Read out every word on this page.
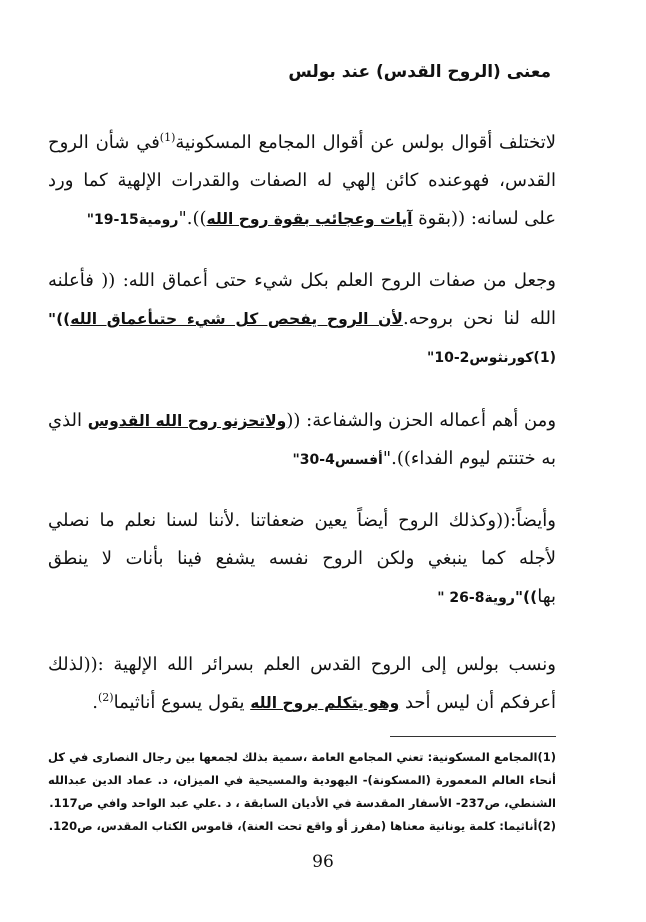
معنى (الروح القدس) عند بولس
لاتختلف أقوال بولس عن أقوال المجامع المسكونية$^{(1)}$في شأن الروح القدس، فهوعنده كائن إلهي له الصفات والقدرات الإلهية كما ورد على لسانه: ((بقوة آيات وعجائب بقوة روح الله))."رومية15-19"
وجعل من صفات الروح العلم بكل شيء حتى أعماق الله: (( فأعلنه الله لنا نحن بروحه.لأن الروح يفحص كل شيء حتىأعماق الله))"(1)كورنثوس2-10"
ومن أهم أعماله الحزن والشفاعة: ((ولاتحزنو روح الله القدوس الذي به ختنتم ليوم الفداء))."أفسس4-30"
وأيضاً:((وكذلك الروح أيضاً يعين ضعفاتنا .لأننا لسنا نعلم ما نصلي لأجله كما ينبغي ولكن الروح نفسه يشفع فينا بأنات لا ينطق بها))"روية8-26 "
ونسب بولس إلى الروح القدس العلم بسرائر الله الإلهية :((لذلك أعرفكم أن ليس أحد وهو يتكلم بروح الله يقول يسوع أناثيما$^{(2)}$.
(1)المجامع المسكونية: تعني المجامع العامة ،سمية بذلك لجمعها بين رجال النصارى في كل أنحاء العالم المعمورة (المسكونة)- اليهودية والمسيحية في الميزان، د. عماد الدين عبدالله الشنطي، ص237- الأسفار المقدسة في الأديان السابقة ، د .علي عبد الواحد وافي ص117.
(2)أناثيما: كلمة يونانية معناها (مفرز أو واقع تحت العنة)، قاموس الكتاب المقدس، ص120.
96
